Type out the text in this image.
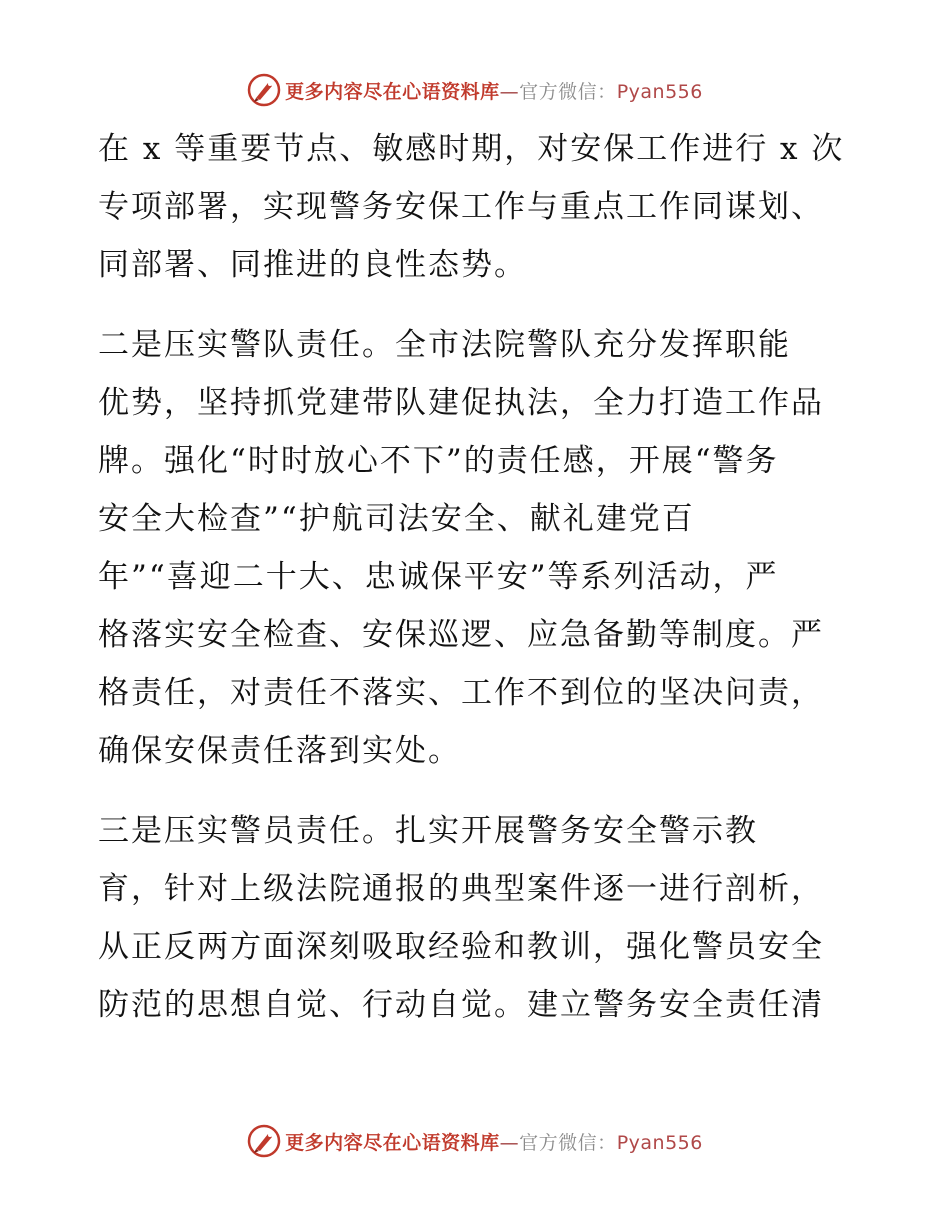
更多内容尽在心语资料库—官方微信：Pyan556
在 x 等重要节点、敏感时期，对安保工作进行 x 次
专项部署，实现警务安保工作与重点工作同谋划、
同部署、同推进的良性态势。
二是压实警队责任。全市法院警队充分发挥职能
优势，坚持抓党建带队建促执法，全力打造工作品
牌。强化“时时放心不下”的责任感，开展“警务
安全大检查”“护航司法安全、献礼建党百
年”“喜迎二十大、忠诚保平安”等系列活动，严
格落实安全检查、安保巡逻、应急备勤等制度。严
格责任，对责任不落实、工作不到位的坚决问责，
确保安保责任落到实处。
三是压实警员责任。扎实开展警务安全警示教
育，针对上级法院通报的典型案件逐一进行剖析，
从正反两方面深刻吸取经验和教训，强化警员安全
防范的思想自觉、行动自觉。建立警务安全责任清
更多内容尽在心语资料库—官方微信：Pyan556
